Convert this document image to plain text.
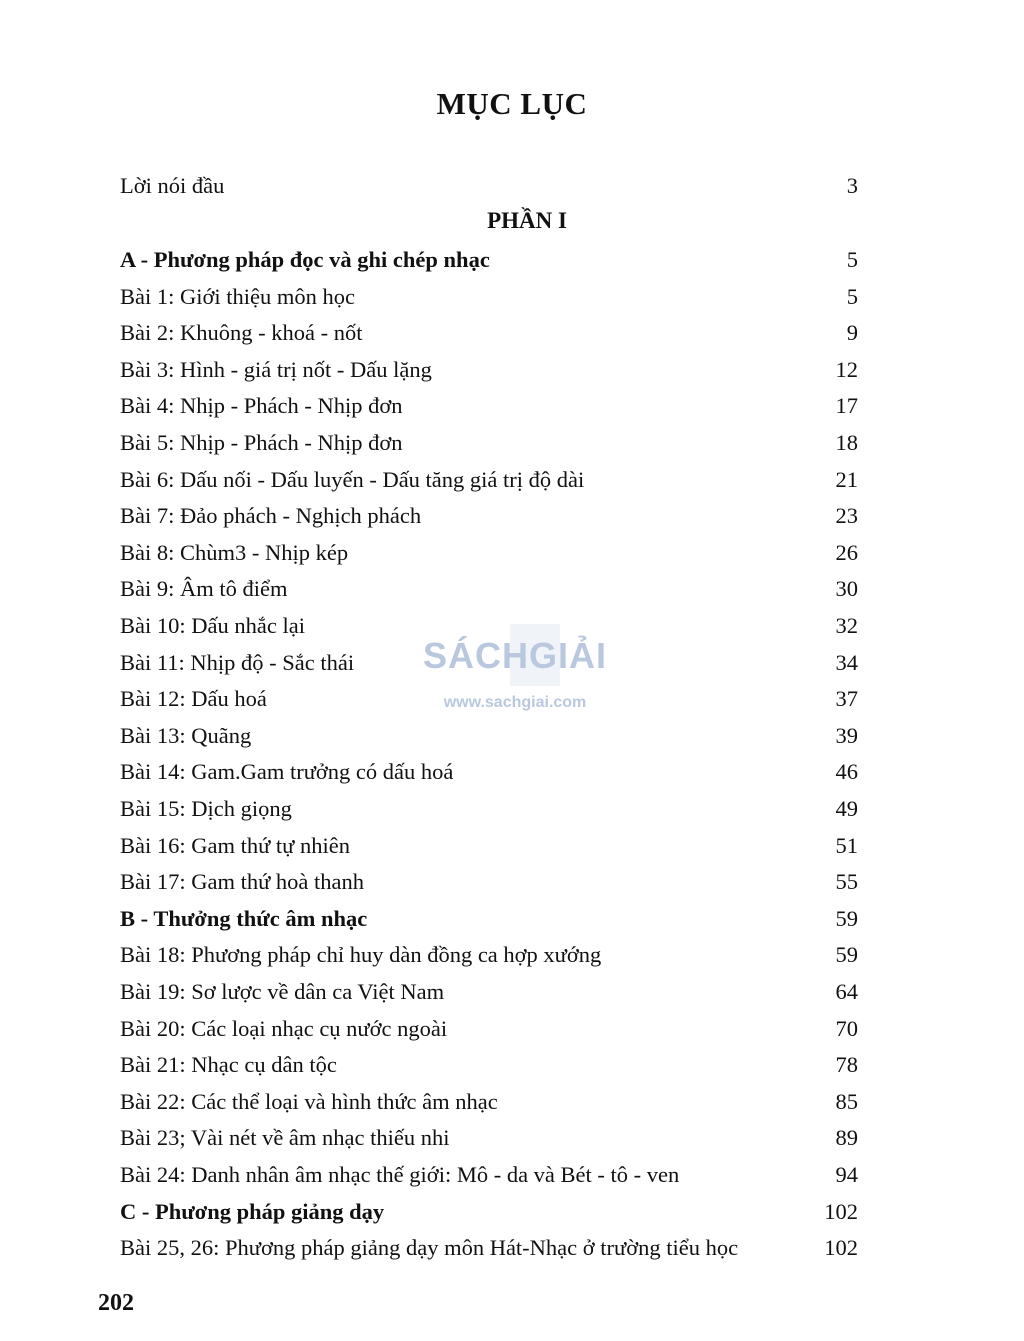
MỤC LỤC
Lời nói đầu	3
PHẦN I
A - Phương pháp đọc và ghi chép nhạc	5
Bài 1: Giới thiệu môn học	5
Bài 2: Khuông - khoá - nốt	9
Bài 3: Hình - giá trị nốt - Dấu lặng	12
Bài 4: Nhịp - Phách - Nhịp đơn	17
Bài 5: Nhịp - Phách - Nhịp đơn	18
Bài 6: Dấu nối - Dấu luyến - Dấu tăng giá trị độ dài	21
Bài 7: Đảo phách - Nghịch phách	23
Bài 8: Chùm3 - Nhịp kép	26
Bài 9: Âm tô điểm	30
Bài 10: Dấu nhắc lại	32
Bài 11: Nhịp độ - Sắc thái	34
Bài 12: Dấu hoá	37
Bài 13: Quãng	39
Bài 14: Gam.Gam trưởng có dấu hoá	46
Bài 15: Dịch giọng	49
Bài 16: Gam thứ tự nhiên	51
Bài 17: Gam thứ hoà thanh	55
B - Thưởng thức âm nhạc	59
Bài 18: Phương pháp chỉ huy dàn đồng ca hợp xướng	59
Bài 19: Sơ lược về dân ca Việt Nam	64
Bài 20: Các loại nhạc cụ nước ngoài	70
Bài 21: Nhạc cụ dân tộc	78
Bài 22: Các thể loại và hình thức âm nhạc	85
Bài 23; Vài nét về âm nhạc thiếu nhi	89
Bài 24: Danh nhân âm nhạc thế giới: Mô - da và Bét - tô - ven	94
C - Phương pháp giảng dạy	102
Bài 25, 26: Phương pháp giảng dạy môn Hát-Nhạc ở trường tiểu học	102
SÁCHGIẢI
www.sachgiai.com
202
